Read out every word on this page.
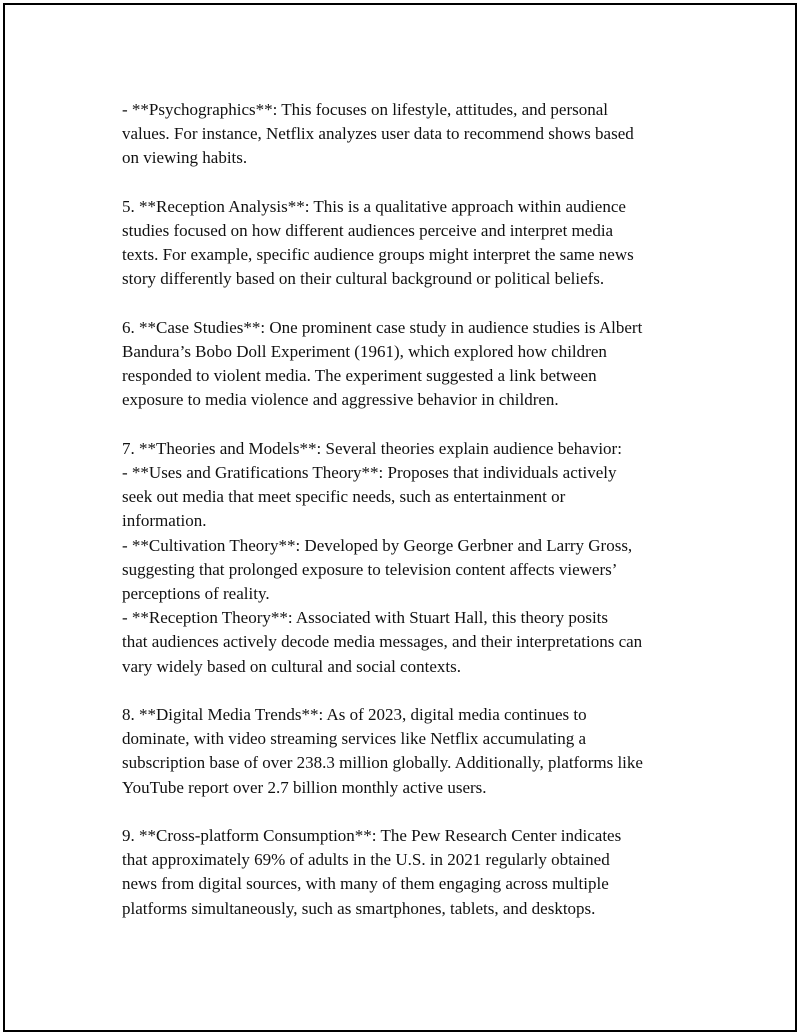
- **Psychographics**: This focuses on lifestyle, attitudes, and personal
values. For instance, Netflix analyzes user data to recommend shows based
on viewing habits.

5. **Reception Analysis**: This is a qualitative approach within audience
studies focused on how different audiences perceive and interpret media
texts. For example, specific audience groups might interpret the same news
story differently based on their cultural background or political beliefs.

6. **Case Studies**: One prominent case study in audience studies is Albert
Bandura’s Bobo Doll Experiment (1961), which explored how children
responded to violent media. The experiment suggested a link between
exposure to media violence and aggressive behavior in children.

7. **Theories and Models**: Several theories explain audience behavior:
- **Uses and Gratifications Theory**: Proposes that individuals actively
seek out media that meet specific needs, such as entertainment or
information.
- **Cultivation Theory**: Developed by George Gerbner and Larry Gross,
suggesting that prolonged exposure to television content affects viewers’
perceptions of reality.
- **Reception Theory**: Associated with Stuart Hall, this theory posits
that audiences actively decode media messages, and their interpretations can
vary widely based on cultural and social contexts.

8. **Digital Media Trends**: As of 2023, digital media continues to
dominate, with video streaming services like Netflix accumulating a
subscription base of over 238.3 million globally. Additionally, platforms like
YouTube report over 2.7 billion monthly active users.

9. **Cross-platform Consumption**: The Pew Research Center indicates
that approximately 69% of adults in the U.S. in 2021 regularly obtained
news from digital sources, with many of them engaging across multiple
platforms simultaneously, such as smartphones, tablets, and desktops.
